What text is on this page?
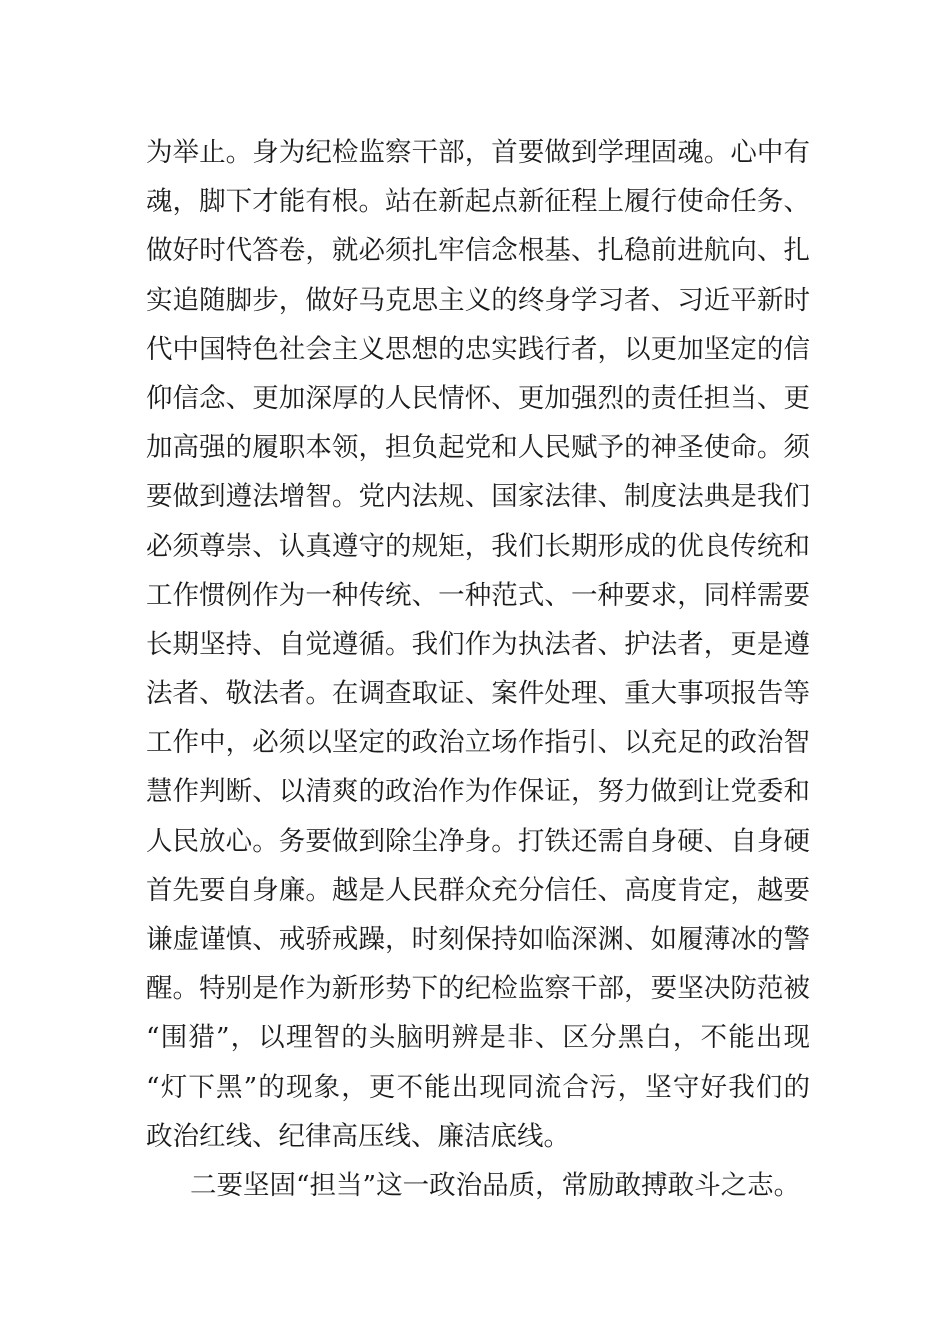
为举止。身为纪检监察干部，首要做到学理固魂。心中有
魂，脚下才能有根。站在新起点新征程上履行使命任务、
做好时代答卷，就必须扎牢信念根基、扎稳前进航向、扎
实追随脚步，做好马克思主义的终身学习者、习近平新时
代中国特色社会主义思想的忠实践行者，以更加坚定的信
仰信念、更加深厚的人民情怀、更加强烈的责任担当、更
加高强的履职本领，担负起党和人民赋予的神圣使命。须
要做到遵法增智。党内法规、国家法律、制度法典是我们
必须尊崇、认真遵守的规矩，我们长期形成的优良传统和
工作惯例作为一种传统、一种范式、一种要求，同样需要
长期坚持、自觉遵循。我们作为执法者、护法者，更是遵
法者、敬法者。在调查取证、案件处理、重大事项报告等
工作中，必须以坚定的政治立场作指引、以充足的政治智
慧作判断、以清爽的政治作为作保证，努力做到让党委和
人民放心。务要做到除尘净身。打铁还需自身硬、自身硬
首先要自身廉。越是人民群众充分信任、高度肯定，越要
谦虚谨慎、戒骄戒躁，时刻保持如临深渊、如履薄冰的警
醒。特别是作为新形势下的纪检监察干部，要坚决防范被
“围猎”，以理智的头脑明辨是非、区分黑白，不能出现
“灯下黑”的现象，更不能出现同流合污，坚守好我们的
政治红线、纪律高压线、廉洁底线。
二要坚固“担当”这一政治品质，常励敢搏敢斗之志。
